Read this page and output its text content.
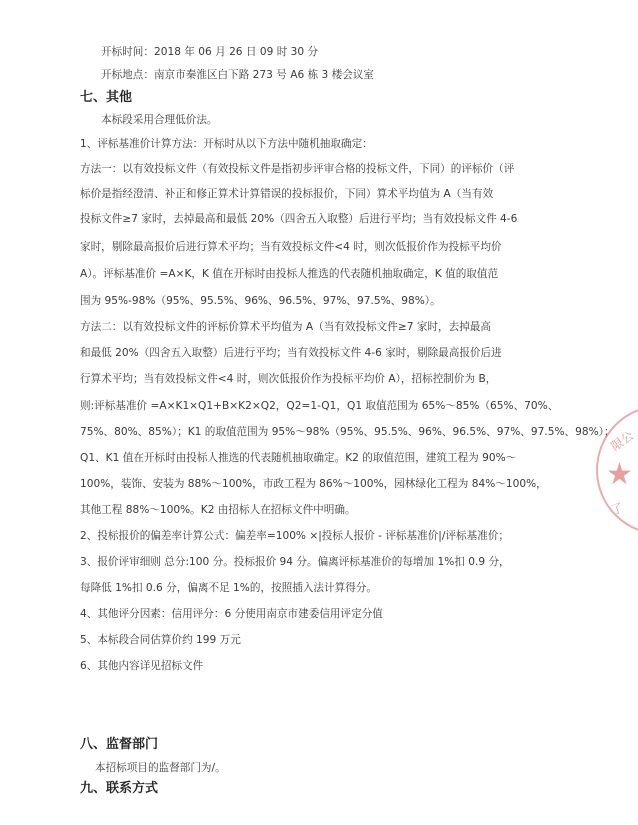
开标时间：2018 年 06 月 26 日 09 时 30 分
开标地点：南京市秦淮区白下路 273 号 A6 栋 3 楼会议室
七、其他
本标段采用合理低价法。
1、评标基准价计算方法：开标时从以下方法中随机抽取确定：
方法一：以有效投标文件（有效投标文件是指初步评审合格的投标文件，下同）的评标价（评
标价是指经澄清、补正和修正算术计算错误的投标报价，下同）算术平均值为 A（当有效
投标文件≥7 家时，去掉最高和最低 20%（四舍五入取整）后进行平均；当有效投标文件 4-6
家时，剔除最高报价后进行算术平均；当有效投标文件<4 时，则次低报价作为投标平均价
A）。评标基准价 =A×K，K 值在开标时由投标人推选的代表随机抽取确定，K 值的取值范
围为 95%-98%（95%、95.5%、96%、96.5%、97%、97.5%、98%）。
方法二：以有效投标文件的评标价算术平均值为 A（当有效投标文件≥7 家时，去掉最高
和最低 20%（四舍五入取整）后进行平均；当有效投标文件 4-6 家时，剔除最高报价后进
行算术平均；当有效投标文件<4 时，则次低报价作为投标平均价 A），招标控制价为 B，
则:评标基准价 =A×K1×Q1+B×K2×Q2，Q2=1-Q1，Q1 取值范围为 65%～85%（65%、70%、
75%、80%、85%）；K1 的取值范围为 95%～98%（95%、95.5%、96%、96.5%、97%、97.5%、98%）；
Q1、K1 值在开标时由投标人推选的代表随机抽取确定。K2 的取值范围，建筑工程为 90%～
100%，装饰、安装为 88%～100%，市政工程为 86%～100%，园林绿化工程为 84%～100%，
其他工程 88%～100%。K2 由招标人在招标文件中明确。
2、投标报价的偏差率计算公式：偏差率=100% ×|投标人报价 - 评标基准价|/评标基准价；
3、报价评审细则 总分:100 分。投标报价 94 分。偏离评标基准价的每增加 1%扣 0.9 分，
每降低 1%扣 0.6 分，偏离不足 1%的，按照插入法计算得分。
4、其他评分因素：信用评分：6 分使用南京市建委信用评定分值
5、本标段合同估算价约 199 万元
6、其他内容详见招标文件
八、监督部门
本招标项目的监督部门为/。
九、联系方式
限公
★
了
